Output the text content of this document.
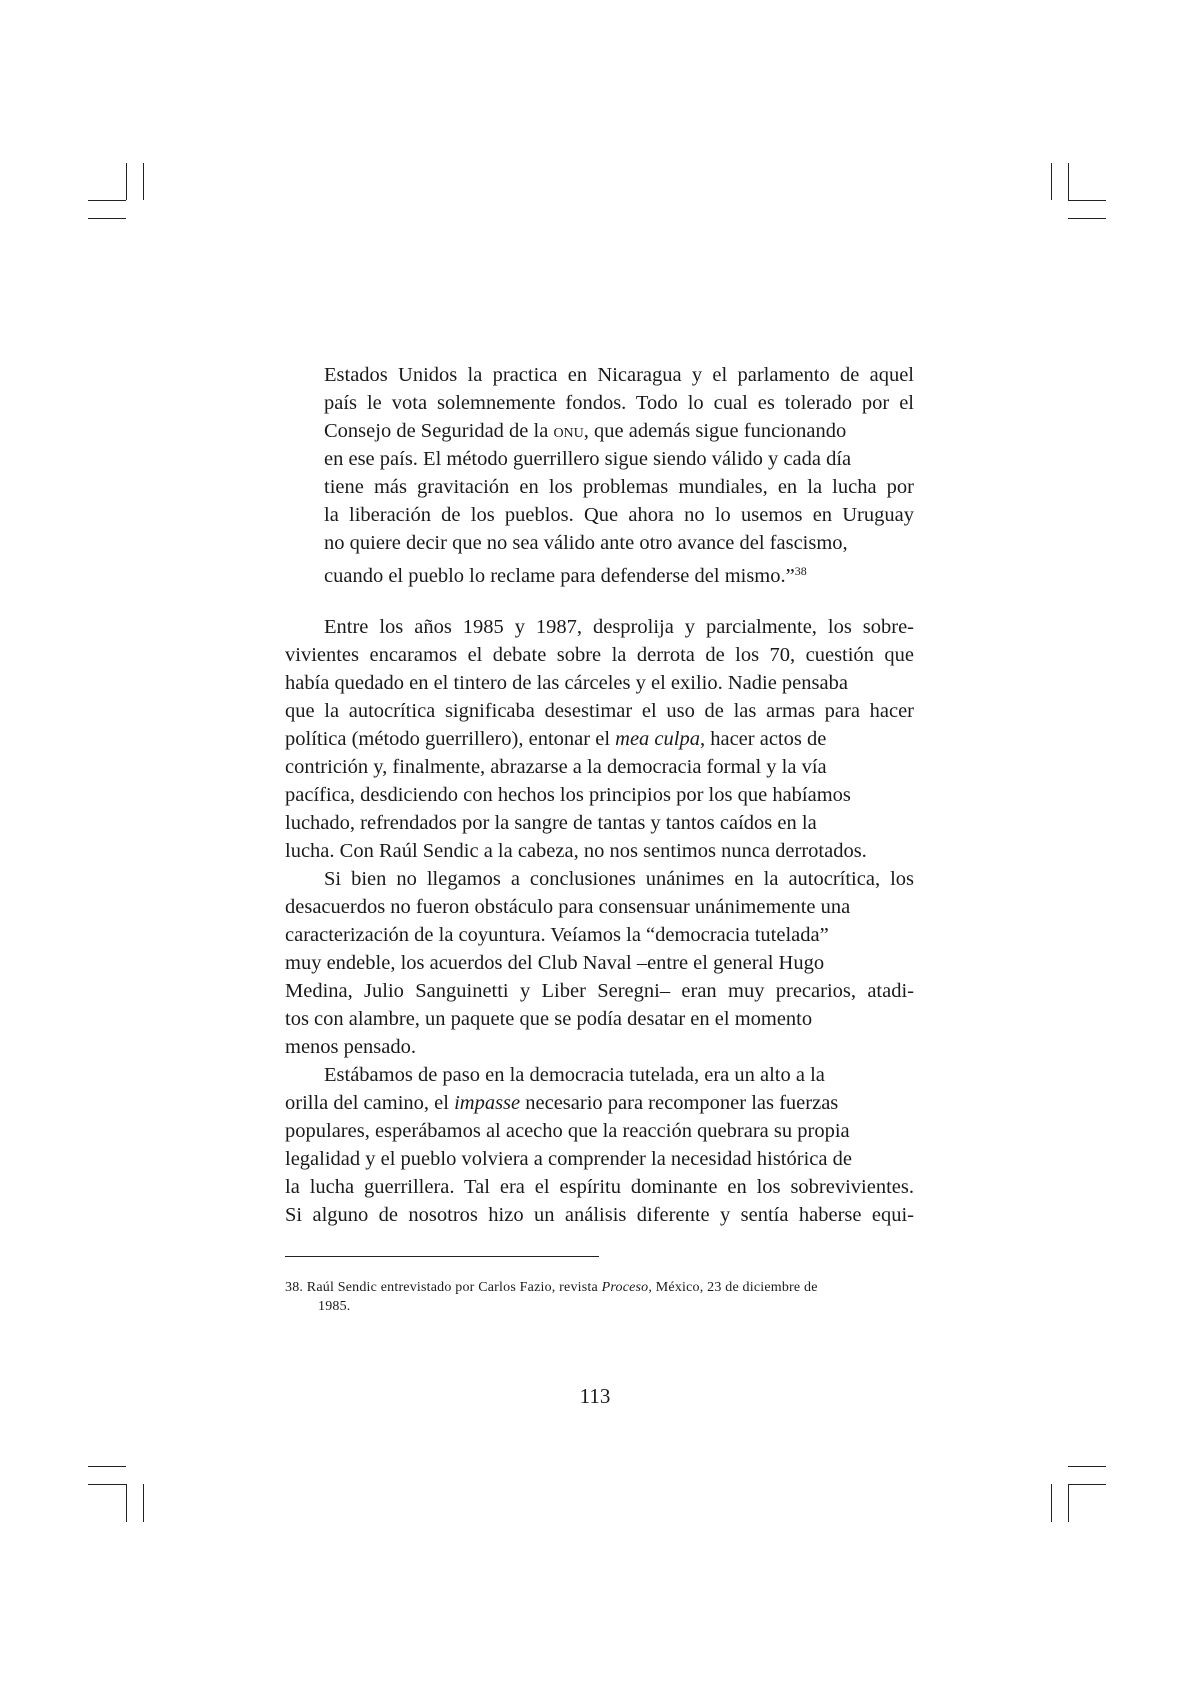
Estados Unidos la practica en Nicaragua y el parlamento de aquel
país le vota solemnemente fondos. Todo lo cual es tolerado por el
Consejo de Seguridad de la onu, que además sigue funcionando
en ese país. El método guerrillero sigue siendo válido y cada día
tiene más gravitación en los problemas mundiales, en la lucha por
la liberación de los pueblos. Que ahora no lo usemos en Uruguay
no quiere decir que no sea válido ante otro avance del fascismo,
cuando el pueblo lo reclame para defenderse del mismo.”$^{38}$
Entre los años 1985 y 1987, desprolija y parcialmente, los sobre-
vivientes encaramos el debate sobre la derrota de los 70, cuestión que
había quedado en el tintero de las cárceles y el exilio. Nadie pensaba
que la autocrítica significaba desestimar el uso de las armas para hacer
política (método guerrillero), entonar el mea culpa, hacer actos de
contrición y, finalmente, abrazarse a la democracia formal y la vía
pacífica, desdiciendo con hechos los principios por los que habíamos
luchado, refrendados por la sangre de tantas y tantos caídos en la
lucha. Con Raúl Sendic a la cabeza, no nos sentimos nunca derrotados.
Si bien no llegamos a conclusiones unánimes en la autocrítica, los
desacuerdos no fueron obstáculo para consensuar unánimemente una
caracterización de la coyuntura. Veíamos la “democracia tutelada”
muy endeble, los acuerdos del Club Naval –entre el general Hugo
Medina, Julio Sanguinetti y Liber Seregni– eran muy precarios, atadi-
tos con alambre, un paquete que se podía desatar en el momento
menos pensado.
Estábamos de paso en la democracia tutelada, era un alto a la
orilla del camino, el impasse necesario para recomponer las fuerzas
populares, esperábamos al acecho que la reacción quebrara su propia
legalidad y el pueblo volviera a comprender la necesidad histórica de
la lucha guerrillera. Tal era el espíritu dominante en los sobrevivientes.
Si alguno de nosotros hizo un análisis diferente y sentía haberse equi-
38. Raúl Sendic entrevistado por Carlos Fazio, revista Proceso, México, 23 de diciembre de
1985.
113
